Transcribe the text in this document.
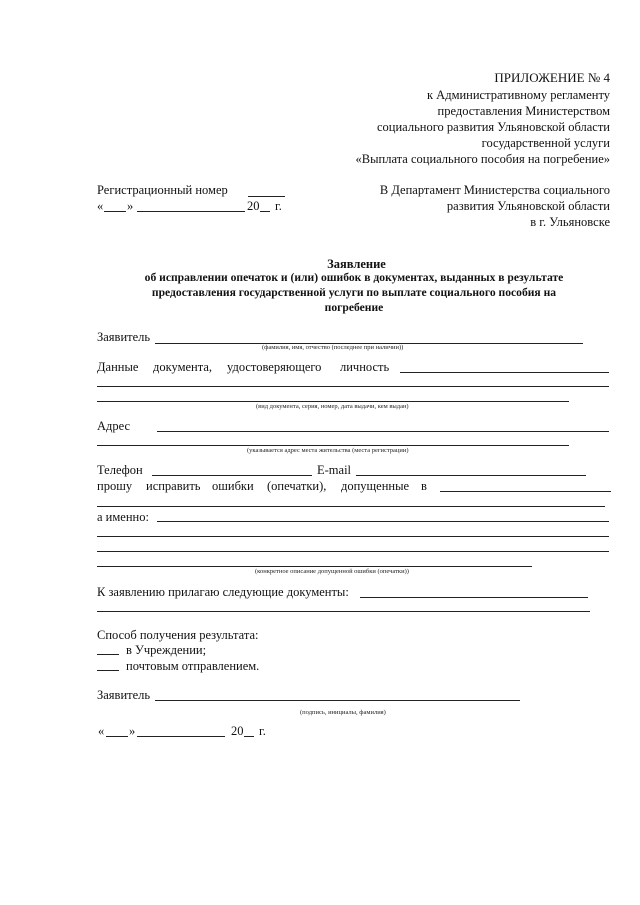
ПРИЛОЖЕНИЕ № 4
к Административному регламенту
предоставления Министерством
социального развития Ульяновской области
государственной услуги
«Выплата социального пособия на погребение»
Регистрационный номер
« »	20 г.
В Департамент Министерства социального
развития Ульяновской области
в г. Ульяновске
Заявление
об исправлении опечаток и (или) ошибок в документах, выданных в результате
предоставления государственной услуги по выплате социального пособия на
погребение
Заявитель
(фамилия, имя, отчество (последнее при наличии))
Данные документа, удостоверяющего личность
(вид документа, серия, номер, дата выдачи, кем выдан)
Адрес
(указывается адрес места жительства (места регистрации)
Телефон	E-mail
прошу исправить ошибки (опечатки), допущенные в
а именно:
(конкретное описание допущенной ошибки (опечатки))
К заявлению прилагаю следующие документы:
Способ получения результата:
в Учреждении;
почтовым отправлением.
Заявитель
(подпись, инициалы, фамилия)
« »	20 г.
